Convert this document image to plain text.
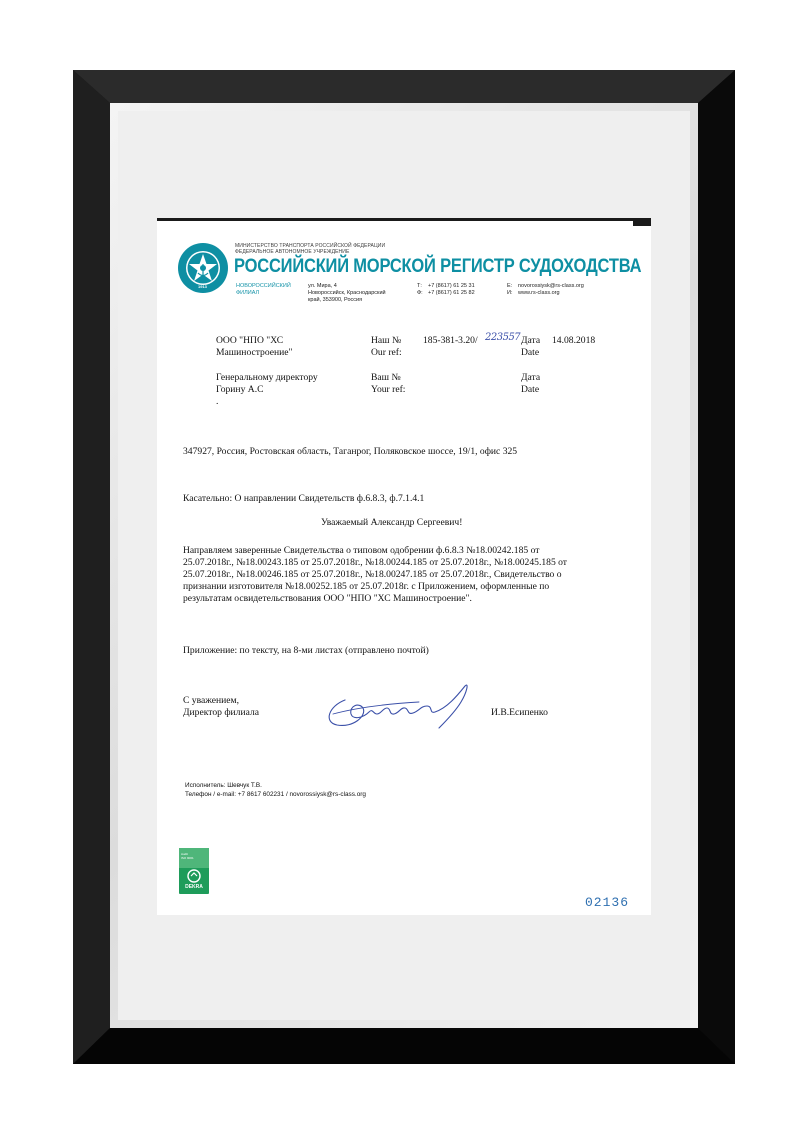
1913
МИНИСТЕРСТВО ТРАНСПОРТА РОССИЙСКОЙ ФЕДЕРАЦИИ
ФЕДЕРАЛЬНОЕ АВТОНОМНОЕ УЧРЕЖДЕНИЕ
РОССИЙСКИЙ МОРСКОЙ РЕГИСТР СУДОХОДСТВА
НОВОРОССИЙСКИЙ
ФИЛИАЛ
ул. Мира, 4
Новороссийск, Краснодарский
край, 353900, Россия
Т: +7 (8617) 61 25 31
Ф: +7 (8617) 61 25 82
E: novorossiysk@rs-class.org
И: www.rs-class.org
ООО "НПО "ХС
Машиностроение"
Наш №
Our ref:
185-381-3.20/ 223557 Дата
Date
14.08.2018
Генеральному директору
Горину А.С
.
Ваш №
Your ref:
Дата
Date
347927, Россия, Ростовская область, Таганрог, Поляковское шоссе, 19/1, офис 325
Касательно: О направлении Свидетельств ф.6.8.3, ф.7.1.4.1
Уважаемый Александр Сергеевич!
Направляем заверенные Свидетельства о типовом одобрении ф.6.8.3 №18.00242.185 от
25.07.2018г., №18.00243.185 от 25.07.2018г., №18.00244.185 от 25.07.2018г., №18.00245.185 от
25.07.2018г., №18.00246.185 от 25.07.2018г., №18.00247.185 от 25.07.2018г., Свидетельство о
признании изготовителя №18.00252.185 от 25.07.2018г. с Приложением, оформленные по
результатам освидетельствования ООО "НПО "ХС Машиностроение".
Приложение: по тексту, на 8-ми листах (отправлено почтой)
С уважением,
Директор филиала	И.В.Есипенко
Исполнитель: Шевчук Т.В.
Телефон / e-mail: +7 8617 602231 / novorossiysk@rs-class.org
Audit
ISO 9001
DEKRA
02136
